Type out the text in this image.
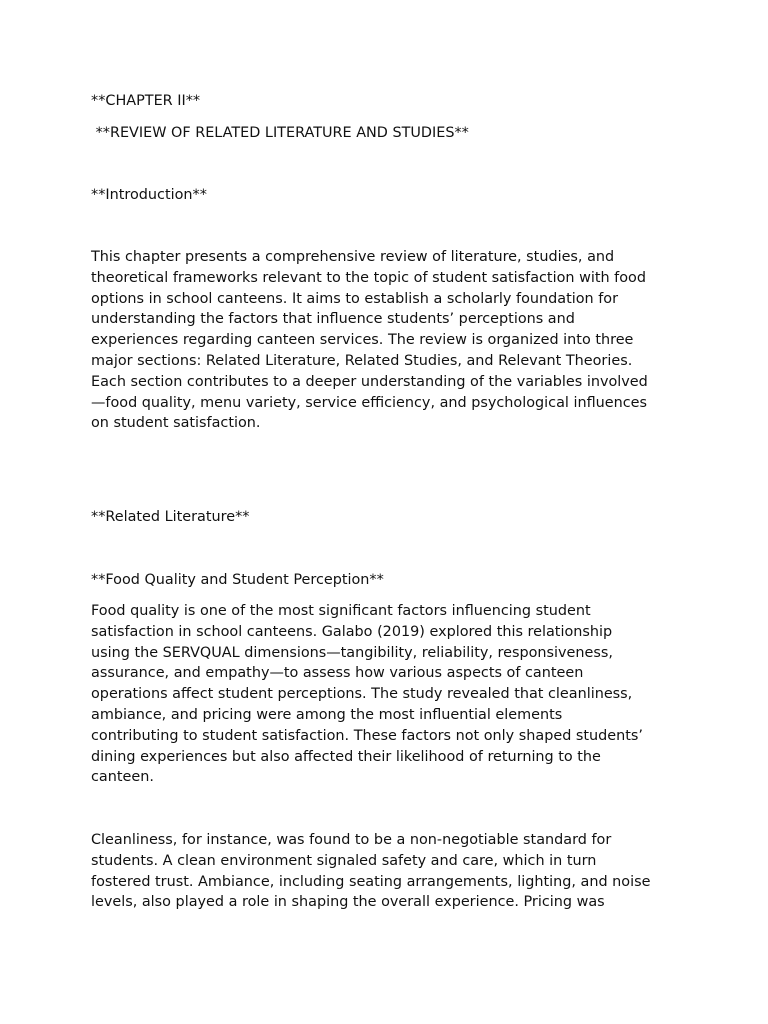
**CHAPTER II**

**REVIEW OF RELATED LITERATURE AND STUDIES**

**Introduction**

This chapter presents a comprehensive review of literature, studies, and
theoretical frameworks relevant to the topic of student satisfaction with food
options in school canteens. It aims to establish a scholarly foundation for
understanding the factors that influence students’ perceptions and
experiences regarding canteen services. The review is organized into three
major sections: Related Literature, Related Studies, and Relevant Theories.
Each section contributes to a deeper understanding of the variables involved
—food quality, menu variety, service efficiency, and psychological influences
on student satisfaction.

**Related Literature**

**Food Quality and Student Perception**

Food quality is one of the most significant factors influencing student
satisfaction in school canteens. Galabo (2019) explored this relationship
using the SERVQUAL dimensions—tangibility, reliability, responsiveness,
assurance, and empathy—to assess how various aspects of canteen
operations affect student perceptions. The study revealed that cleanliness,
ambiance, and pricing were among the most influential elements
contributing to student satisfaction. These factors not only shaped students’
dining experiences but also affected their likelihood of returning to the
canteen.
Cleanliness, for instance, was found to be a non-negotiable standard for
students. A clean environment signaled safety and care, which in turn
fostered trust. Ambiance, including seating arrangements, lighting, and noise
levels, also played a role in shaping the overall experience. Pricing was
